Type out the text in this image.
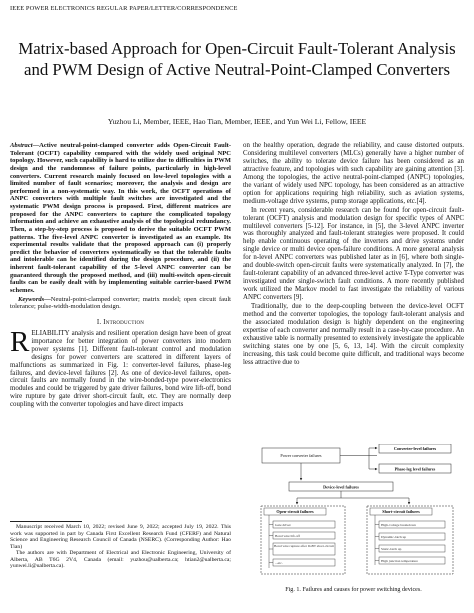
IEEE POWER ELECTRONICS REGULAR PAPER/LETTER/CORRESPONDENCE
Matrix-based Approach for Open-Circuit Fault-Tolerant Analysis and PWM Design of Active Neutral-Point-Clamped Converters
Yuzhou Li, Member, IEEE, Hao Tian, Member, IEEE, and Yun Wei Li, Fellow, IEEE
Abstract—Active neutral-point-clamped converter adds Open-Circuit Fault-Tolerant (OCFT) capability compared with the widely used original NPC topology. However, such capability is hard to utilize due to difficulties in PWM design and the randomness of failure points, particularly in high-level converters. Current research mainly focused on low-level topologies with a limited number of fault scenarios; moreover, the analysis and design are performed in a non-systematic way. In this work, the OCFT operations of ANPC converters with multiple fault switches are investigated and the systematic PWM design process is proposed. First, different matrices are proposed for the ANPC converters to capture the complicated topology information and achieve an exhaustive analysis of the topological redundancy. Then, a step-by-step process is proposed to derive the suitable OCFT PWM patterns. The five-level ANPC converter is investigated as an example. Its experimental results validate that the proposed approach can (i) properly predict the behavior of converters systematically so that the tolerable faults and intolerable can be identified during the design procedure, and (ii) the inherent fault-tolerant capability of the 5-level ANPC converter can be guaranteed through the proposed method, and (iii) multi-switch open-circuit faults can be easily dealt with by implementing suitable carrier-based PWM schemes.
Keywords—Neutral-point-clamped converter; matrix model; open circuit fault tolerance; pulse-width-modulation design.
I. Introduction
RELIABILITY analysis and resilient operation design have been of great importance for better integration of power converters into modern power systems [1]. Different fault-tolerant control and modulation designs for power converters are scattered in different layers of malfunctions as summarized in Fig. 1: converter-level failures, phase-leg failures, and device-level failures [2]. As one of device-level failures, open-circuit faults are normally found in the wire-bonded-type power-electronics modules and could be triggered by gate driver failures, bond wire lift-off, bond wire rupture by gate driver short-circuit fault, etc. They are normally deep coupling with the converter topologies and have direct impacts

Manuscript received March 10, 2022; revised June 9, 2022; accepted July 19, 2022. This work was supported in part by Canada First Excellent Research Fund (CFERF) and Natural Science and Engineering Research Council of Canada (NSERC). (Corresponding Author: Hao Tian)

The authors are with Department of Electrical and Electronic Engineering, University of Alberta, AB T6G 2V4, Canada (email: yuzhou@ualberta.ca; htian2@ualberta.ca; yunwei.li@ualberta.ca).

on the healthy operation, degrade the reliability, and cause distorted outputs. Considering multilevel converters (MLCs) generally have a higher number of switches, the ability to tolerate device failure has been considered as an attractive feature, and topologies with such capability are gaining attention [3]. Among the topologies, the active neutral-point-clamped (ANPC) topologies, the variant of widely used NPC topology, has been considered as an attractive option for applications requiring high reliability, such as aviation systems, medium-voltage drive systems, pump storage applications, etc.[4].

In recent years, considerable research can be found for open-circuit fault-tolerant (OCFT) analysis and modulation design for specific types of ANPC multilevel converters [5-12]. For instance, in [5], the 3-level ANPC inverter was thoroughly analyzed and fault-tolerant strategies were proposed. It could help enable continuous operating of the inverters and drive systems under single device or multi device open-failure conditions. A more general analysis for n-level ANPC converters was published later as in [6], where both single- and double-switch open-circuit faults were systematically analyzed. In [7], the fault-tolerant capability of an advanced three-level active T-Type converter was investigated under single-switch fault conditions. A more recently published work utilized the Markov model to fast investigate the reliability of various ANPC converters [9].

Traditionally, due to the deep-coupling between the device-level OCFT method and the converter topologies, the topology fault-tolerant analysis and the associated modulation design is highly dependent on the engineering expertise of each converter and normally result in a case-by-case procedure. An exhaustive table is normally presented to extensively investigate the applicable switching states one by one [5, 6, 13, 14]. With the circuit complexity increasing, this task could become quite difficult, and traditional ways become less attractive due to

Power converter failures
Converter-level failures
Phase-leg level failures
Device-level failures
Open-circuit failures
Gate driver
Bond wire lift-off
Bond wire rupture after IGBT short-circuit
...etc.
Short-circuit failures
High-voltage breakdown
Dynamic-latch up
Static-latch up
High junction temperature
Fig. 1. Failures and causes for power switching devices.
